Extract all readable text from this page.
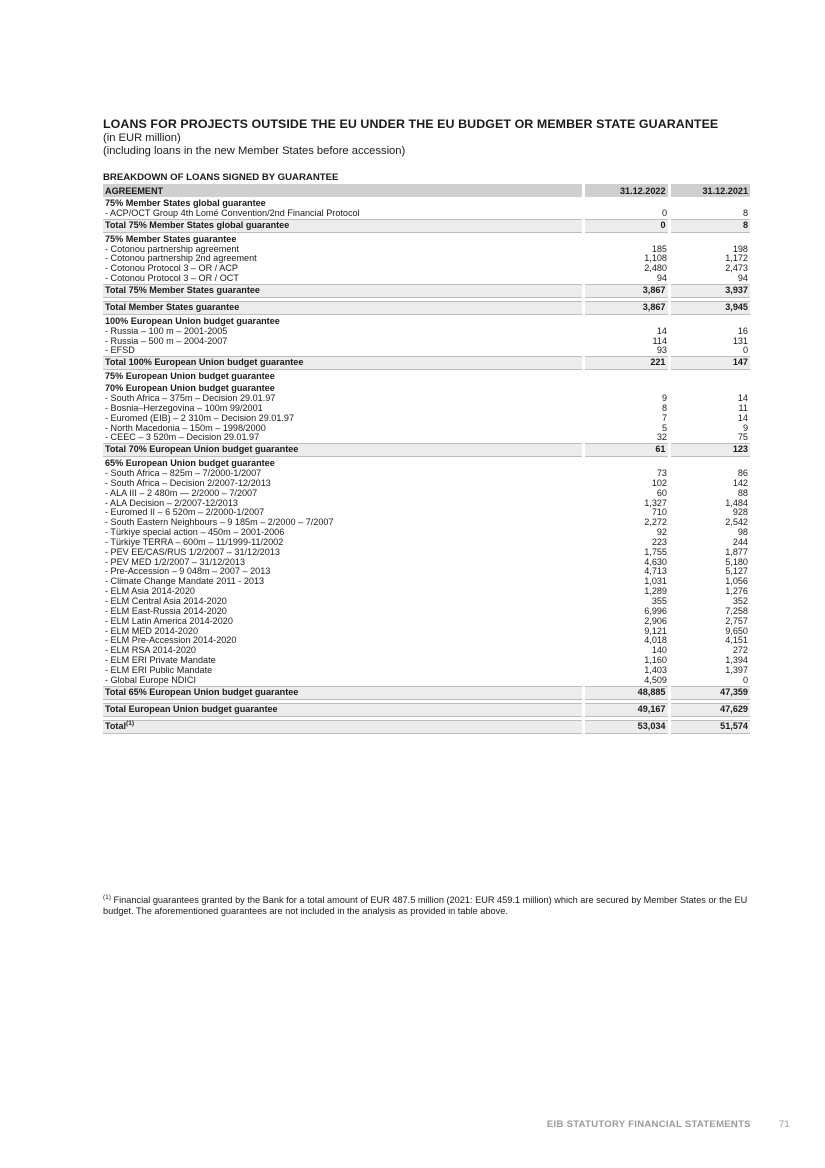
LOANS FOR PROJECTS OUTSIDE THE EU UNDER THE EU BUDGET OR MEMBER STATE GUARANTEE
(in EUR million)
(including loans in the new Member States before accession)
BREAKDOWN OF LOANS SIGNED BY GUARANTEE
AGREEMENT	31.12.2022	31.12.2021
75% Member States global guarantee		
- ACP/OCT Group 4th Lomé Convention/2nd Financial Protocol	0	8
Total 75% Member States global guarantee	0	8
75% Member States guarantee		
- Cotonou partnership agreement	185	198
- Cotonou partnership 2nd agreement	1,108	1,172
- Cotonou Protocol 3 – OR / ACP	2,480	2,473
- Cotonou Protocol 3 – OR / OCT	94	94
Total 75% Member States guarantee	3,867	3,937

Total Member States guarantee	3,867	3,945
100% European Union budget guarantee		
- Russia – 100 m – 2001-2005	14	16
- Russia – 500 m – 2004-2007	114	131
- EFSD	93	0
Total 100% European Union budget guarantee	221	147
75% European Union budget guarantee		
70% European Union budget guarantee		
- South Africa – 375m – Decision 29.01.97	9	14
- Bosnia–Herzegovina – 100m 99/2001	8	11
- Euromed (EIB) – 2 310m – Decision 29.01.97	7	14
- North Macedonia – 150m – 1998/2000	5	9
- CEEC – 3 520m – Decision 29.01.97	32	75
Total 70% European Union budget guarantee	61	123
65% European Union budget guarantee		
- South Africa – 825m – 7/2000-1/2007	73	86
- South Africa – Decision 2/2007-12/2013	102	142
- ALA III – 2 480m — 2/2000 – 7/2007	60	88
- ALA Decision – 2/2007-12/2013	1,327	1,484
- Euromed II – 6 520m – 2/2000-1/2007	710	928
- South Eastern Neighbours – 9 185m – 2/2000 – 7/2007	2,272	2,542
- Türkiye special action – 450m – 2001-2006	92	98
- Türkiye TERRA – 600m – 11/1999-11/2002	223	244
- PEV EE/CAS/RUS 1/2/2007 – 31/12/2013	1,755	1,877
- PEV MED 1/2/2007 – 31/12/2013	4,630	5,180
- Pre-Accession – 9 048m – 2007 – 2013	4,713	5,127
- Climate Change Mandate 2011 - 2013	1,031	1,056
- ELM Asia 2014-2020	1,289	1,276
- ELM Central Asia 2014-2020	355	352
- ELM East-Russia 2014-2020	6,996	7,258
- ELM Latin America 2014-2020	2,906	2,757
- ELM MED 2014-2020	9,121	9,650
- ELM Pre-Accession 2014-2020	4,018	4,151
- ELM RSA 2014-2020	140	272
- ELM ERI Private Mandate	1,160	1,394
- ELM ERI Public Mandate	1,403	1,397
- Global Europe NDICI	4,509	0
Total 65% European Union budget guarantee	48,885	47,359

Total European Union budget guarantee	49,167	47,629

Total$^{(1)}$	53,034	51,574
$^{(1)}$ Financial guarantees granted by the Bank for a total amount of EUR 487.5 million (2021: EUR 459.1 million) which are secured by Member States or the EU budget. The aforementioned guarantees are not included in the analysis as provided in table above.
EIB STATUTORY FINANCIAL STATEMENTS	71
